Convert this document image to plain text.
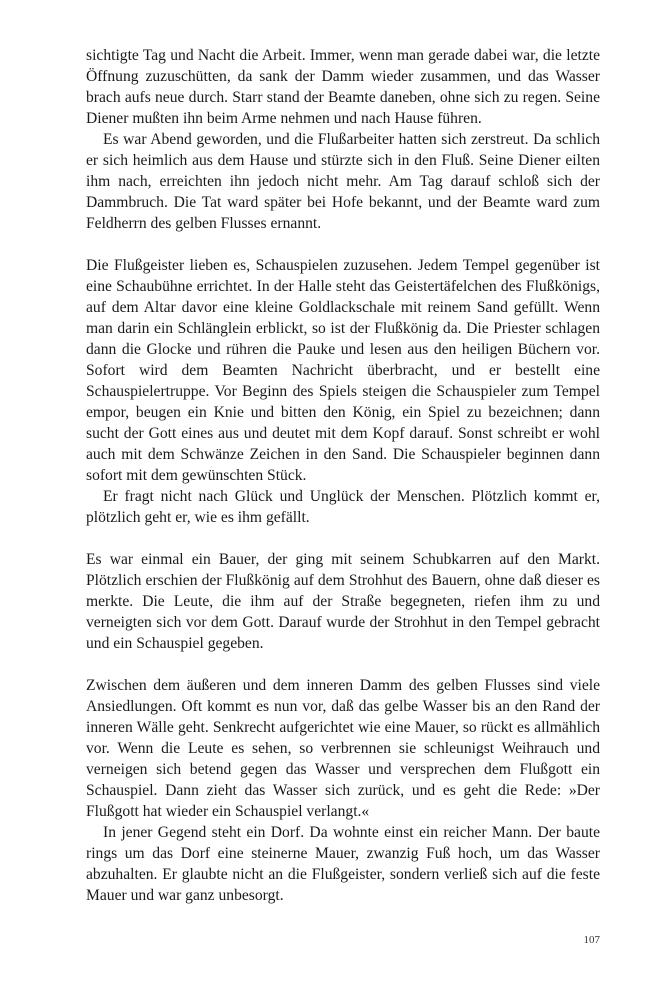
sichtigte Tag und Nacht die Arbeit. Immer, wenn man gerade dabei war, die letzte Öffnung zuzuschütten, da sank der Damm wieder zusammen, und das Wasser brach aufs neue durch. Starr stand der Beamte daneben, ohne sich zu regen. Seine Diener mußten ihn beim Arme nehmen und nach Hause führen.

Es war Abend geworden, und die Flußarbeiter hatten sich zerstreut. Da schlich er sich heimlich aus dem Hause und stürzte sich in den Fluß. Seine Diener eilten ihm nach, erreichten ihn jedoch nicht mehr. Am Tag darauf schloß sich der Dammbruch. Die Tat ward später bei Hofe bekannt, und der Beamte ward zum Feldherrn des gelben Flusses ernannt.

Die Flußgeister lieben es, Schauspielen zuzusehen. Jedem Tempel gegenüber ist eine Schaubühne errichtet. In der Halle steht das Geistertäfelchen des Flußkönigs, auf dem Altar davor eine kleine Goldlackschale mit reinem Sand gefüllt. Wenn man darin ein Schlänglein erblickt, so ist der Flußkönig da. Die Priester schlagen dann die Glocke und rühren die Pauke und lesen aus den heiligen Büchern vor. Sofort wird dem Beamten Nachricht überbracht, und er bestellt eine Schauspielertruppe. Vor Beginn des Spiels steigen die Schauspieler zum Tempel empor, beugen ein Knie und bitten den König, ein Spiel zu bezeichnen; dann sucht der Gott eines aus und deutet mit dem Kopf darauf. Sonst schreibt er wohl auch mit dem Schwänze Zeichen in den Sand. Die Schauspieler beginnen dann sofort mit dem gewünschten Stück.

Er fragt nicht nach Glück und Unglück der Menschen. Plötzlich kommt er, plötzlich geht er, wie es ihm gefällt.

Es war einmal ein Bauer, der ging mit seinem Schubkarren auf den Markt. Plötzlich erschien der Flußkönig auf dem Strohhut des Bauern, ohne daß dieser es merkte. Die Leute, die ihm auf der Straße begegneten, riefen ihm zu und verneigten sich vor dem Gott. Darauf wurde der Strohhut in den Tempel gebracht und ein Schauspiel gegeben.

Zwischen dem äußeren und dem inneren Damm des gelben Flusses sind viele Ansiedlungen. Oft kommt es nun vor, daß das gelbe Wasser bis an den Rand der inneren Wälle geht. Senkrecht aufgerichtet wie eine Mauer, so rückt es allmählich vor. Wenn die Leute es sehen, so verbrennen sie schleunigst Weihrauch und verneigen sich betend gegen das Wasser und versprechen dem Flußgott ein Schauspiel. Dann zieht das Wasser sich zurück, und es geht die Rede: »Der Flußgott hat wieder ein Schauspiel verlangt.«

In jener Gegend steht ein Dorf. Da wohnte einst ein reicher Mann. Der baute rings um das Dorf eine steinerne Mauer, zwanzig Fuß hoch, um das Wasser abzuhalten. Er glaubte nicht an die Flußgeister, sondern verließ sich auf die feste Mauer und war ganz unbesorgt.

107
